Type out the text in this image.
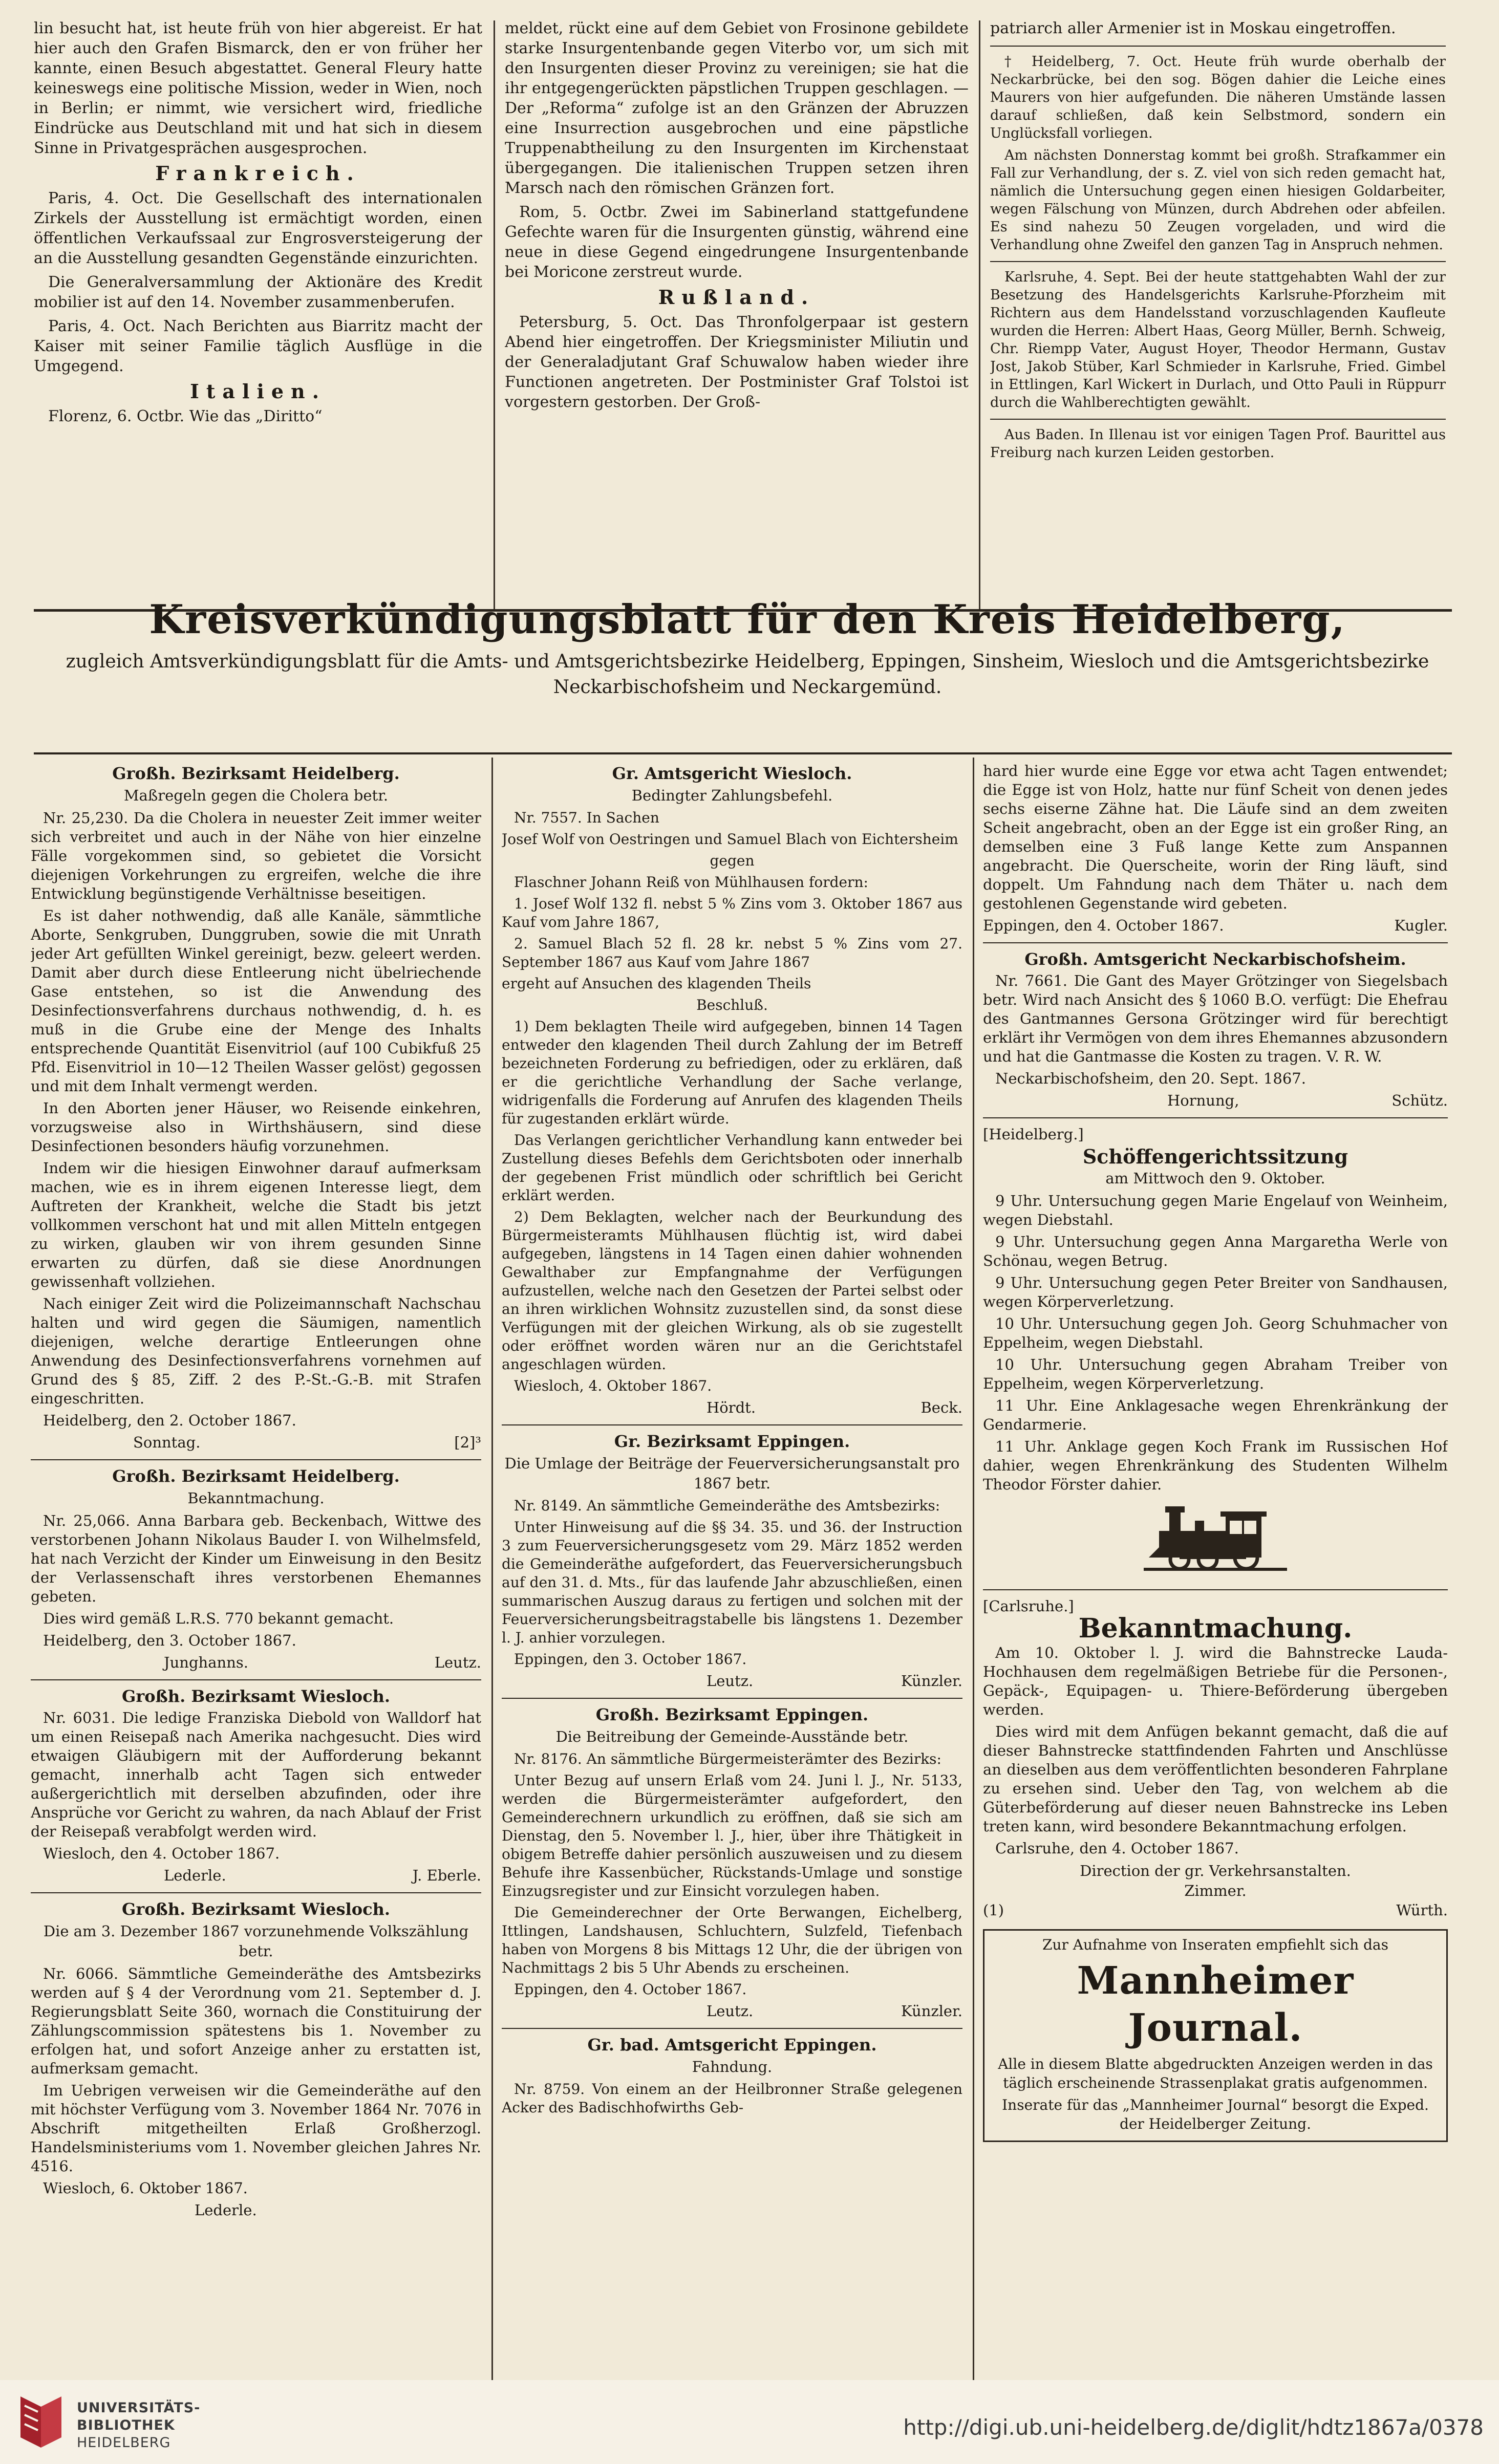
lin besucht hat, ist heute früh von hier abgereist. Er hat hier auch den Grafen Bismarck, den er von früher her kannte, einen Besuch abgestattet. General Fleury hatte keineswegs eine politische Mission, weder in Wien, noch in Berlin; er nimmt, wie versichert wird, friedliche Eindrücke aus Deutschland mit und hat sich in diesem Sinne in Privatgesprächen ausgesprochen.

Frankreich.

Paris, 4. Oct. Die Gesellschaft des internationalen Zirkels der Ausstellung ist ermächtigt worden, einen öffentlichen Verkaufssaal zur Engrosversteigerung der an die Ausstellung gesandten Gegenstände einzurichten.

Die Generalversammlung der Aktionäre des Kredit mobilier ist auf den 14. November zusammenberufen.

Paris, 4. Oct. Nach Berichten aus Biarritz macht der Kaiser mit seiner Familie täglich Ausflüge in die Umgegend.

Italien.

Florenz, 6. Octbr. Wie das „Diritto“

meldet, rückt eine auf dem Gebiet von Frosinone gebildete starke Insurgentenbande gegen Viterbo vor, um sich mit den Insurgenten dieser Provinz zu vereinigen; sie hat die ihr entgegengerückten päpstlichen Truppen geschlagen. — Der „Reforma“ zufolge ist an den Gränzen der Abruzzen eine Insurrection ausgebrochen und eine päpstliche Truppenabtheilung zu den Insurgenten im Kirchenstaat übergegangen. Die italienischen Truppen setzen ihren Marsch nach den römischen Gränzen fort.

Rom, 5. Octbr. Zwei im Sabinerland stattgefundene Gefechte waren für die Insurgenten günstig, während eine neue in diese Gegend eingedrungene Insurgentenbande bei Moricone zerstreut wurde.

Rußland.

Petersburg, 5. Oct. Das Thronfolgerpaar ist gestern Abend hier eingetroffen. Der Kriegsminister Miliutin und der Generaladjutant Graf Schuwalow haben wieder ihre Functionen angetreten. Der Postminister Graf Tolstoi ist vorgestern gestorben. Der Groß-

patriarch aller Armenier ist in Moskau eingetroffen.

† Heidelberg, 7. Oct. Heute früh wurde oberhalb der Neckarbrücke, bei den sog. Bögen dahier die Leiche eines Maurers von hier aufgefunden. Die näheren Umstände lassen darauf schließen, daß kein Selbstmord, sondern ein Unglücksfall vorliegen.

Am nächsten Donnerstag kommt bei großh. Strafkammer ein Fall zur Verhandlung, der s. Z. viel von sich reden gemacht hat, nämlich die Untersuchung gegen einen hiesigen Goldarbeiter, wegen Fälschung von Münzen, durch Abdrehen oder abfeilen. Es sind nahezu 50 Zeugen vorgeladen, und wird die Verhandlung ohne Zweifel den ganzen Tag in Anspruch nehmen.

Karlsruhe, 4. Sept. Bei der heute stattgehabten Wahl der zur Besetzung des Handelsgerichts Karlsruhe-Pforzheim mit Richtern aus dem Handelsstand vorzuschlagenden Kaufleute wurden die Herren: Albert Haas, Georg Müller, Bernh. Schweig, Chr. Riempp Vater, August Hoyer, Theodor Hermann, Gustav Jost, Jakob Stüber, Karl Schmieder in Karlsruhe, Fried. Gimbel in Ettlingen, Karl Wickert in Durlach, und Otto Pauli in Rüppurr durch die Wahlberechtigten gewählt.

Aus Baden. In Illenau ist vor einigen Tagen Prof. Baurittel aus Freiburg nach kurzen Leiden gestorben.

Kreisverkündigungsblatt für den Kreis Heidelberg,
zugleich Amtsverkündigungsblatt für die Amts- und Amtsgerichtsbezirke Heidelberg, Eppingen, Sinsheim, Wiesloch und die Amtsgerichtsbezirke Neckarbischofsheim und Neckargemünd.
Großh. Bezirksamt Heidelberg.
Maßregeln gegen die Cholera betr.

Nr. 25,230. Da die Cholera in neuester Zeit immer weiter sich verbreitet und auch in der Nähe von hier einzelne Fälle vorgekommen sind, so gebietet die Vorsicht diejenigen Vorkehrungen zu ergreifen, welche die ihre Entwicklung begünstigende Verhältnisse beseitigen.

Es ist daher nothwendig, daß alle Kanäle, sämmtliche Aborte, Senkgruben, Dunggruben, sowie die mit Unrath jeder Art gefüllten Winkel gereinigt, bezw. geleert werden. Damit aber durch diese Entleerung nicht übelriechende Gase entstehen, so ist die Anwendung des Desinfectionsverfahrens durchaus nothwendig, d. h. es muß in die Grube eine der Menge des Inhalts entsprechende Quantität Eisenvitriol (auf 100 Cubikfuß 25 Pfd. Eisenvitriol in 10—12 Theilen Wasser gelöst) gegossen und mit dem Inhalt vermengt werden.

In den Aborten jener Häuser, wo Reisende einkehren, vorzugsweise also in Wirthshäusern, sind diese Desinfectionen besonders häufig vorzunehmen.

Indem wir die hiesigen Einwohner darauf aufmerksam machen, wie es in ihrem eigenen Interesse liegt, dem Auftreten der Krankheit, welche die Stadt bis jetzt vollkommen verschont hat und mit allen Mitteln entgegen zu wirken, glauben wir von ihrem gesunden Sinne erwarten zu dürfen, daß sie diese Anordnungen gewissenhaft vollziehen.

Nach einiger Zeit wird die Polizeimannschaft Nachschau halten und wird gegen die Säumigen, namentlich diejenigen, welche derartige Entleerungen ohne Anwendung des Desinfectionsverfahrens vornehmen auf Grund des § 85, Ziff. 2 des P.-St.-G.-B. mit Strafen eingeschritten.

Heidelberg, den 2. October 1867.

Sonntag.	[2]³
Großh. Bezirksamt Heidelberg.
Bekanntmachung.

Nr. 25,066. Anna Barbara geb. Beckenbach, Wittwe des verstorbenen Johann Nikolaus Bauder I. von Wilhelmsfeld, hat nach Verzicht der Kinder um Einweisung in den Besitz der Verlassenschaft ihres verstorbenen Ehemannes gebeten.

Dies wird gemäß L.R.S. 770 bekannt gemacht.

Heidelberg, den 3. October 1867.

Junghanns.	Leutz.
Großh. Bezirksamt Wiesloch.

Nr. 6031. Die ledige Franziska Diebold von Walldorf hat um einen Reisepaß nach Amerika nachgesucht. Dies wird etwaigen Gläubigern mit der Aufforderung bekannt gemacht, innerhalb acht Tagen sich entweder außergerichtlich mit derselben abzufinden, oder ihre Ansprüche vor Gericht zu wahren, da nach Ablauf der Frist der Reisepaß verabfolgt werden wird.

Wiesloch, den 4. October 1867.

Lederle.	J. Eberle.
Großh. Bezirksamt Wiesloch.
Die am 3. Dezember 1867 vorzunehmende Volkszählung betr.

Nr. 6066. Sämmtliche Gemeinderäthe des Amtsbezirks werden auf § 4 der Verordnung vom 21. September d. J. Regierungsblatt Seite 360, wornach die Constituirung der Zählungscommission spätestens bis 1. November zu erfolgen hat, und sofort Anzeige anher zu erstatten ist, aufmerksam gemacht.

Im Uebrigen verweisen wir die Gemeinderäthe auf den mit höchster Verfügung vom 3. November 1864 Nr. 7076 in Abschrift mitgetheilten Erlaß Großherzogl. Handelsministeriums vom 1. November gleichen Jahres Nr. 4516.

Wiesloch, 6. Oktober 1867.

Lederle.
Gr. Amtsgericht Wiesloch.
Bedingter Zahlungsbefehl.

Nr. 7557. In Sachen

Josef Wolf von Oestringen und Samuel Blach von Eichtersheim

gegen

Flaschner Johann Reiß von Mühlhausen fordern:

1. Josef Wolf 132 fl. nebst 5 % Zins vom 3. Oktober 1867 aus Kauf vom Jahre 1867,

2. Samuel Blach 52 fl. 28 kr. nebst 5 % Zins vom 27. September 1867 aus Kauf vom Jahre 1867

ergeht auf Ansuchen des klagenden Theils

Beschluß.

1) Dem beklagten Theile wird aufgegeben, binnen 14 Tagen entweder den klagenden Theil durch Zahlung der im Betreff bezeichneten Forderung zu befriedigen, oder zu erklären, daß er die gerichtliche Verhandlung der Sache verlange, widrigenfalls die Forderung auf Anrufen des klagenden Theils für zugestanden erklärt würde.

Das Verlangen gerichtlicher Verhandlung kann entweder bei Zustellung dieses Befehls dem Gerichtsboten oder innerhalb der gegebenen Frist mündlich oder schriftlich bei Gericht erklärt werden.

2) Dem Beklagten, welcher nach der Beurkundung des Bürgermeisteramts Mühlhausen flüchtig ist, wird dabei aufgegeben, längstens in 14 Tagen einen dahier wohnenden Gewalthaber zur Empfangnahme der Verfügungen aufzustellen, welche nach den Gesetzen der Partei selbst oder an ihren wirklichen Wohnsitz zuzustellen sind, da sonst diese Verfügungen mit der gleichen Wirkung, als ob sie zugestellt oder eröffnet worden wären nur an die Gerichtstafel angeschlagen würden.

Wiesloch, 4. Oktober 1867.

Hördt.	Beck.
Gr. Bezirksamt Eppingen.
Die Umlage der Beiträge der Feuerversicherungsanstalt pro 1867 betr.

Nr. 8149. An sämmtliche Gemeinderäthe des Amtsbezirks:

Unter Hinweisung auf die §§ 34. 35. und 36. der Instruction 3 zum Feuerversicherungsgesetz vom 29. März 1852 werden die Gemeinderäthe aufgefordert, das Feuerversicherungsbuch auf den 31. d. Mts., für das laufende Jahr abzuschließen, einen summarischen Auszug daraus zu fertigen und solchen mit der Feuerversicherungsbeitragstabelle bis längstens 1. Dezember l. J. anhier vorzulegen.

Eppingen, den 3. October 1867.

Leutz.	Künzler.
Großh. Bezirksamt Eppingen.
Die Beitreibung der Gemeinde-Ausstände betr.

Nr. 8176. An sämmtliche Bürgermeisterämter des Bezirks:

Unter Bezug auf unsern Erlaß vom 24. Juni l. J., Nr. 5133, werden die Bürgermeisterämter aufgefordert, den Gemeinderechnern urkundlich zu eröffnen, daß sie sich am Dienstag, den 5. November l. J., hier, über ihre Thätigkeit in obigem Betreffe dahier persönlich auszuweisen und zu diesem Behufe ihre Kassenbücher, Rückstands-Umlage und sonstige Einzugsregister und zur Einsicht vorzulegen haben.

Die Gemeinderechner der Orte Berwangen, Eichelberg, Ittlingen, Landshausen, Schluchtern, Sulzfeld, Tiefenbach haben von Morgens 8 bis Mittags 12 Uhr, die der übrigen von Nachmittags 2 bis 5 Uhr Abends zu erscheinen.

Eppingen, den 4. October 1867.

Leutz.	Künzler.
Gr. bad. Amtsgericht Eppingen.
Fahndung.

Nr. 8759. Von einem an der Heilbronner Straße gelegenen Acker des Badischhofwirths Geb-

hard hier wurde eine Egge vor etwa acht Tagen entwendet; die Egge ist von Holz, hatte nur fünf Scheit von denen jedes sechs eiserne Zähne hat. Die Läufe sind an dem zweiten Scheit angebracht, oben an der Egge ist ein großer Ring, an demselben eine 3 Fuß lange Kette zum Anspannen angebracht. Die Querscheite, worin der Ring läuft, sind doppelt. Um Fahndung nach dem Thäter u. nach dem gestohlenen Gegenstande wird gebeten.

Eppingen, den 4. October 1867.	Kugler.
Großh. Amtsgericht Neckarbischofsheim.

Nr. 7661. Die Gant des Mayer Grötzinger von Siegelsbach betr. Wird nach Ansicht des § 1060 B.O. verfügt: Die Ehefrau des Gantmannes Gersona Grötzinger wird für berechtigt erklärt ihr Vermögen von dem ihres Ehemannes abzusondern und hat die Gantmasse die Kosten zu tragen. V. R. W.

Neckarbischofsheim, den 20. Sept. 1867.

Hornung,	Schütz.
[Heidelberg.]
Schöffengerichtssitzung
am Mittwoch den 9. Oktober.

9 Uhr. Untersuchung gegen Marie Engelauf von Weinheim, wegen Diebstahl.

9 Uhr. Untersuchung gegen Anna Margaretha Werle von Schönau, wegen Betrug.

9 Uhr. Untersuchung gegen Peter Breiter von Sandhausen, wegen Körperverletzung.

10 Uhr. Untersuchung gegen Joh. Georg Schuhmacher von Eppelheim, wegen Diebstahl.

10 Uhr. Untersuchung gegen Abraham Treiber von Eppelheim, wegen Körperverletzung.

11 Uhr. Eine Anklagesache wegen Ehrenkränkung der Gendarmerie.

11 Uhr. Anklage gegen Koch Frank im Russischen Hof dahier, wegen Ehrenkränkung des Studenten Wilhelm Theodor Förster dahier.

[Carlsruhe.]
Bekanntmachung.

Am 10. Oktober l. J. wird die Bahnstrecke Lauda-Hochhausen dem regelmäßigen Betriebe für die Personen-, Gepäck-, Equipagen- u. Thiere-Beförderung übergeben werden.

Dies wird mit dem Anfügen bekannt gemacht, daß die auf dieser Bahnstrecke stattfindenden Fahrten und Anschlüsse an dieselben aus dem veröffentlichten besonderen Fahrplane zu ersehen sind. Ueber den Tag, von welchem ab die Güterbeförderung auf dieser neuen Bahnstrecke ins Leben treten kann, wird besondere Bekanntmachung erfolgen.

Carlsruhe, den 4. October 1867.

Direction der gr. Verkehrsanstalten.
Zimmer.
(1)	Würth.
Zur Aufnahme von Inseraten empfiehlt sich das
Mannheimer Journal.
Alle in diesem Blatte abgedruckten Anzeigen werden in das täglich erscheinende Strassenplakat gratis aufgenommen.
Inserate für das „Mannheimer Journal“ besorgt die Exped. der Heidelberger Zeitung.
UNIVERSITÄTS-
BIBLIOTHEK
HEIDELBERG
http://digi.ub.uni-heidelberg.de/diglit/hdtz1867a/0378
